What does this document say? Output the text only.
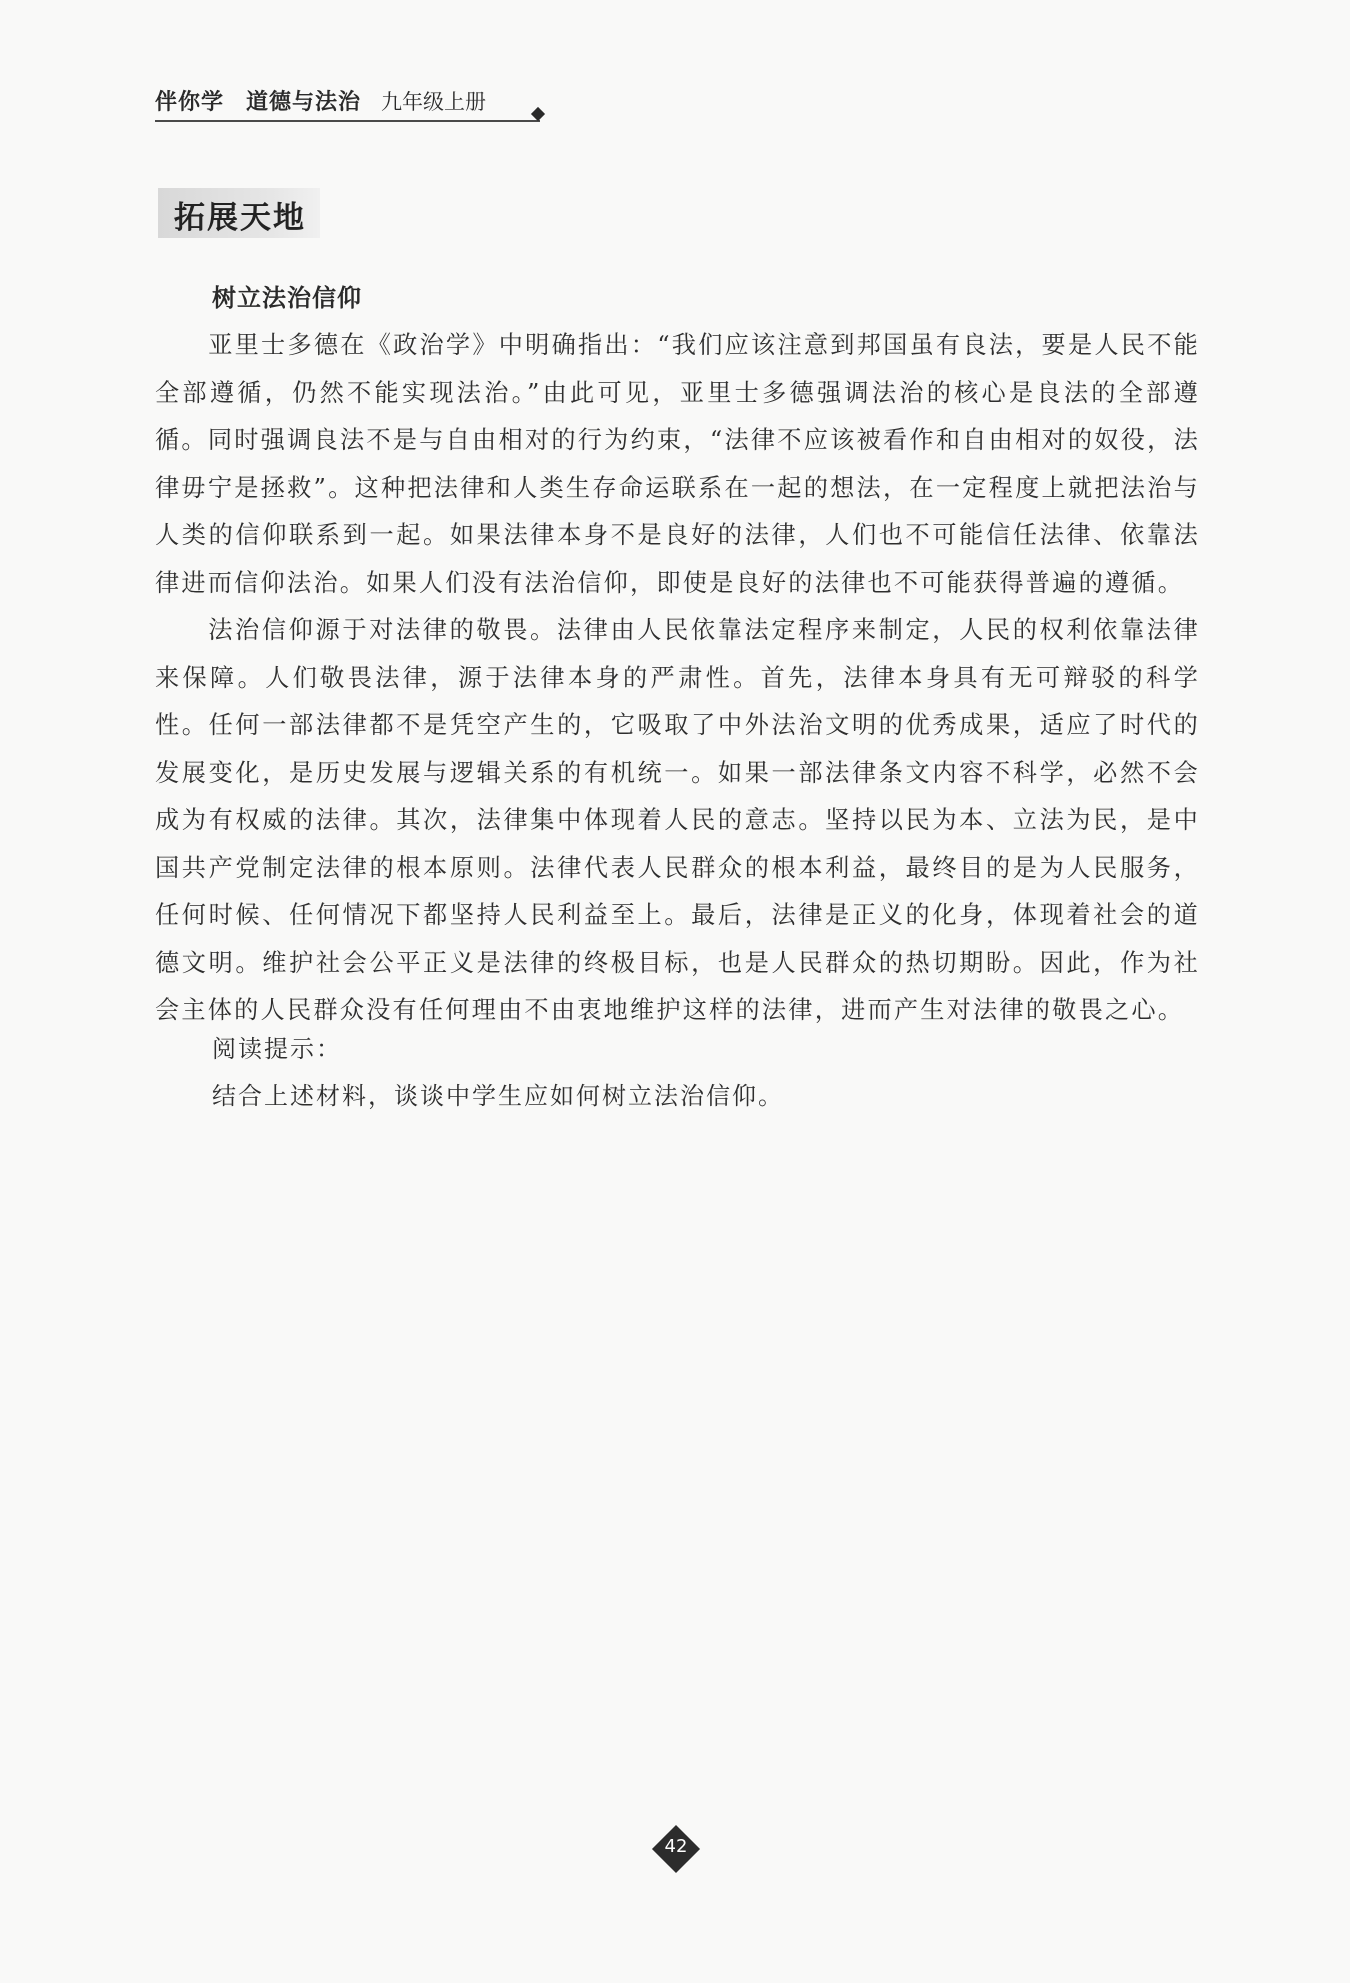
伴你学 道德与法治 九年级上册
拓展天地
树立法治信仰

亚里士多德在《政治学》中明确指出：“我们应该注意到邦国虽有良法，要是人民不能全部遵循，仍然不能实现法治。”由此可见，亚里士多德强调法治的核心是良法的全部遵循。同时强调良法不是与自由相对的行为约束，“法律不应该被看作和自由相对的奴役，法律毋宁是拯救”。这种把法律和人类生存命运联系在一起的想法，在一定程度上就把法治与人类的信仰联系到一起。如果法律本身不是良好的法律，人们也不可能信任法律、依靠法律进而信仰法治。如果人们没有法治信仰，即使是良好的法律也不可能获得普遍的遵循。

法治信仰源于对法律的敬畏。法律由人民依靠法定程序来制定，人民的权利依靠法律来保障。人们敬畏法律，源于法律本身的严肃性。首先，法律本身具有无可辩驳的科学性。任何一部法律都不是凭空产生的，它吸取了中外法治文明的优秀成果，适应了时代的发展变化，是历史发展与逻辑关系的有机统一。如果一部法律条文内容不科学，必然不会成为有权威的法律。其次，法律集中体现着人民的意志。坚持以民为本、立法为民，是中国共产党制定法律的根本原则。法律代表人民群众的根本利益，最终目的是为人民服务，任何时候、任何情况下都坚持人民利益至上。最后，法律是正义的化身，体现着社会的道德文明。维护社会公平正义是法律的终极目标，也是人民群众的热切期盼。因此，作为社会主体的人民群众没有任何理由不由衷地维护这样的法律，进而产生对法律的敬畏之心。

阅读提示：
结合上述材料，谈谈中学生应如何树立法治信仰。
42
